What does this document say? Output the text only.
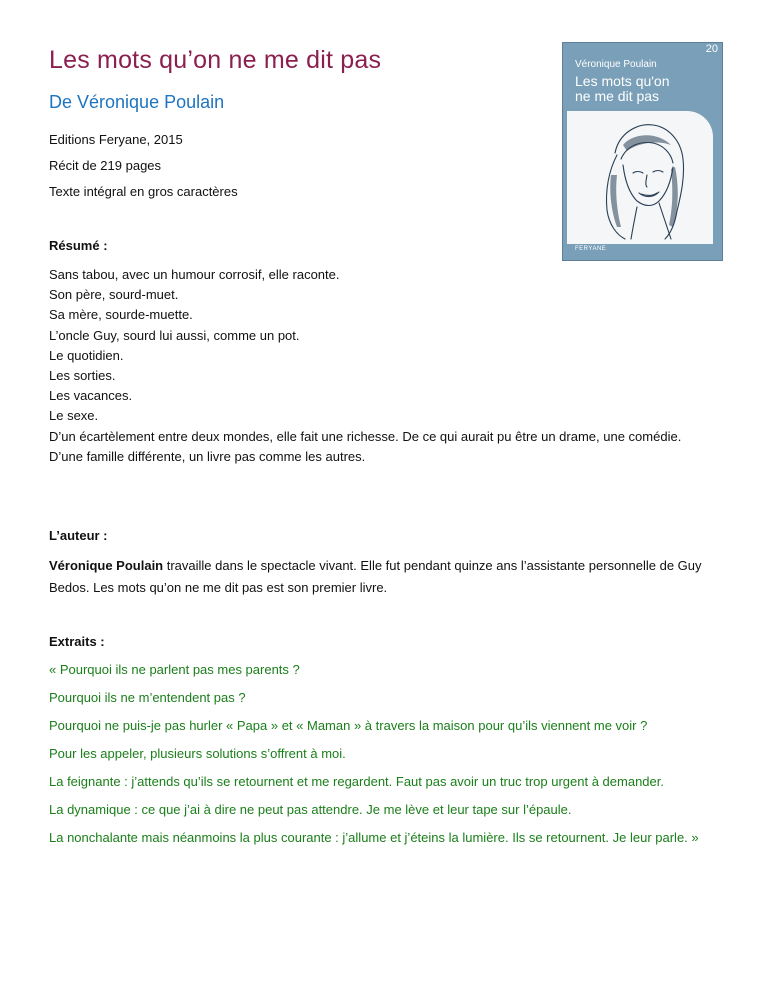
Les mots qu’on ne me dit pas
De Véronique Poulain

Editions Feryane, 2015

Récit de 219 pages

Texte intégral en gros caractères

20
Véronique Poulain
Les mots qu'on
ne me dit pas
FERYANE

Résumé :

Sans tabou, avec un humour corrosif, elle raconte.
Son père, sourd-muet.
Sa mère, sourde-muette.
L’oncle Guy, sourd lui aussi, comme un pot.
Le quotidien.
Les sorties.
Les vacances.
Le sexe.
D’un écartèlement entre deux mondes, elle fait une richesse. De ce qui aurait pu être un drame, une comédie.
D’une famille différente, un livre pas comme les autres.

L’auteur :

Véronique Poulain travaille dans le spectacle vivant. Elle fut pendant quinze ans l’assistante personnelle de Guy Bedos. Les mots qu’on ne me dit pas est son premier livre.

Extraits :

« Pourquoi ils ne parlent pas mes parents ?

Pourquoi ils ne m’entendent pas ?

Pourquoi ne puis-je pas hurler « Papa » et « Maman » à travers la maison pour qu’ils viennent me voir ?

Pour les appeler, plusieurs solutions s’offrent à moi.

La feignante : j’attends qu’ils se retournent et me regardent. Faut pas avoir un truc trop urgent à demander.

La dynamique : ce que j’ai à dire ne peut pas attendre. Je me lève et leur tape sur l’épaule.

La nonchalante mais néanmoins la plus courante : j’allume et j’éteins la lumière. Ils se retournent. Je leur parle. »
